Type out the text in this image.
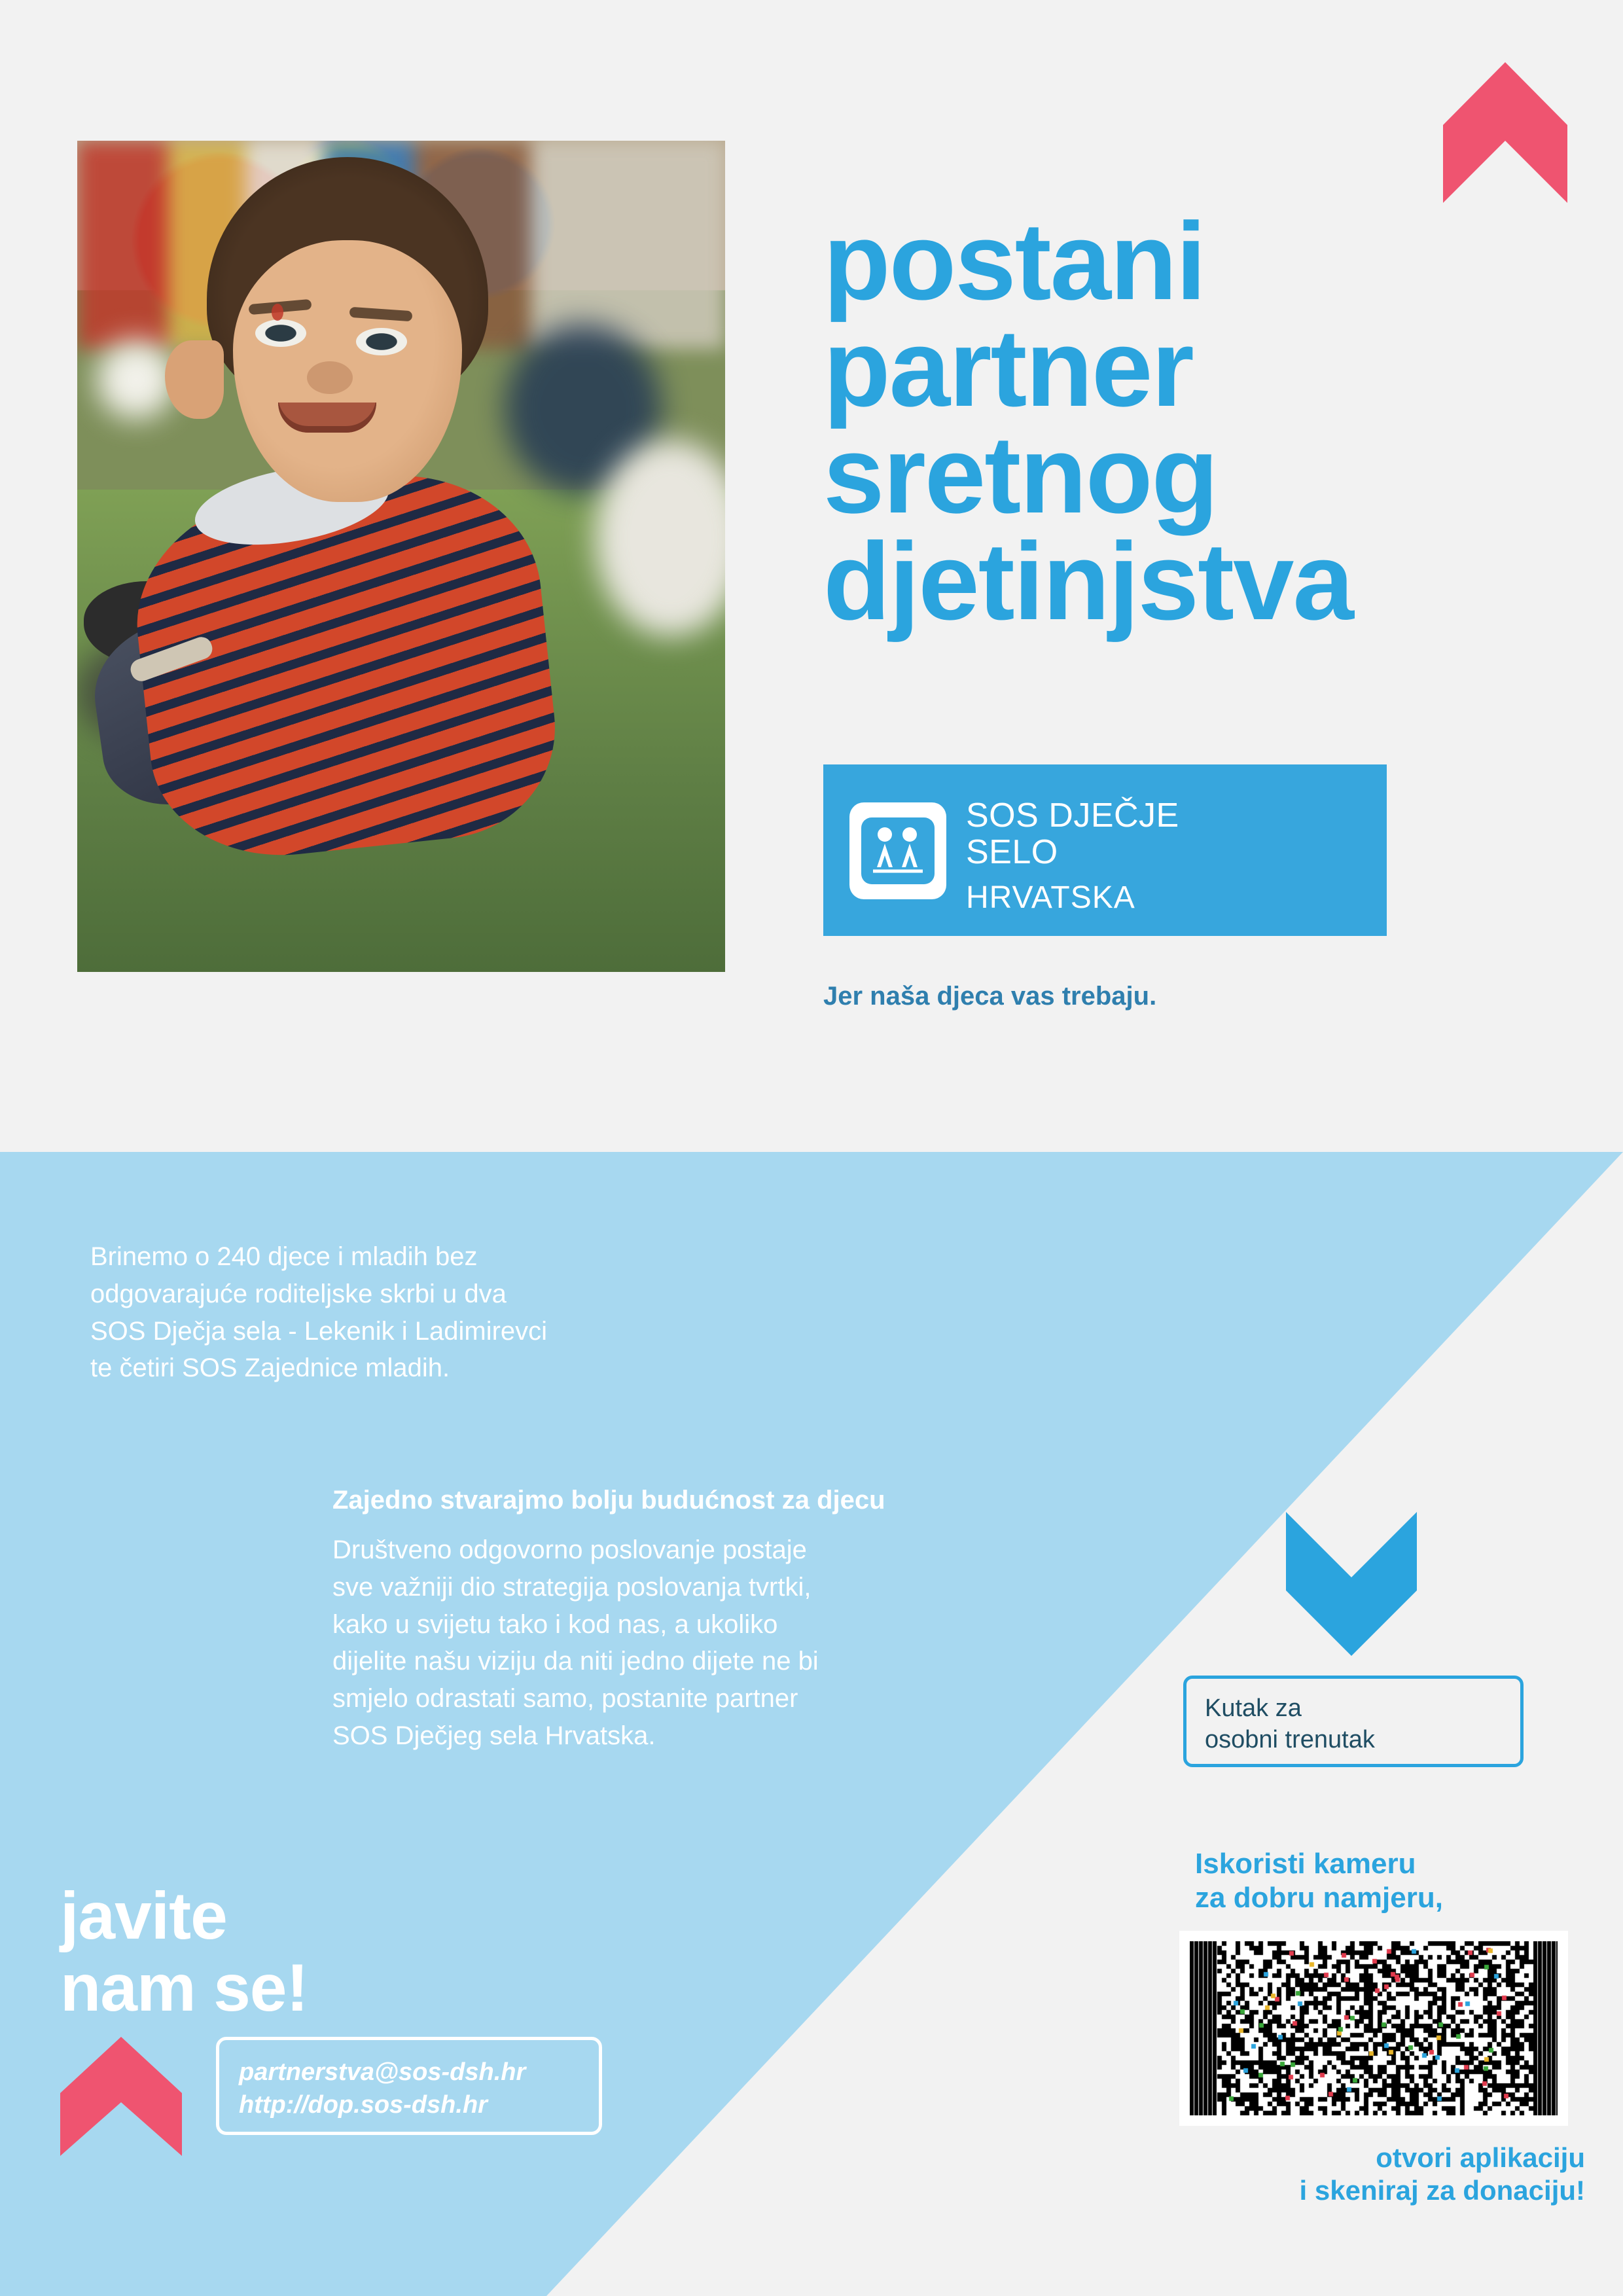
postani
partner
sretnog
djetinjstva
SOS DJEČJE
SELO
HRVATSKA
Jer naša djeca vas trebaju.
Brinemo o 240 djece i mladih bez
odgovarajuće roditeljske skrbi u dva
SOS Dječja sela - Lekenik i Ladimirevci
te četiri SOS Zajednice mladih.
Zajedno stvarajmo bolju budućnost za djecu
Društveno odgovorno poslovanje postaje
sve važniji dio strategija poslovanja tvrtki,
kako u svijetu tako i kod nas, a ukoliko
dijelite našu viziju da niti jedno dijete ne bi
smjelo odrastati samo, postanite partner
SOS Dječjeg sela Hrvatska.
Kutak za
osobni trenutak
javite
nam se!
partnerstva@sos-dsh.hr
http://dop.sos-dsh.hr
Iskoristi kameru
za dobru namjeru,
otvori aplikaciju
i skeniraj za donaciju!
